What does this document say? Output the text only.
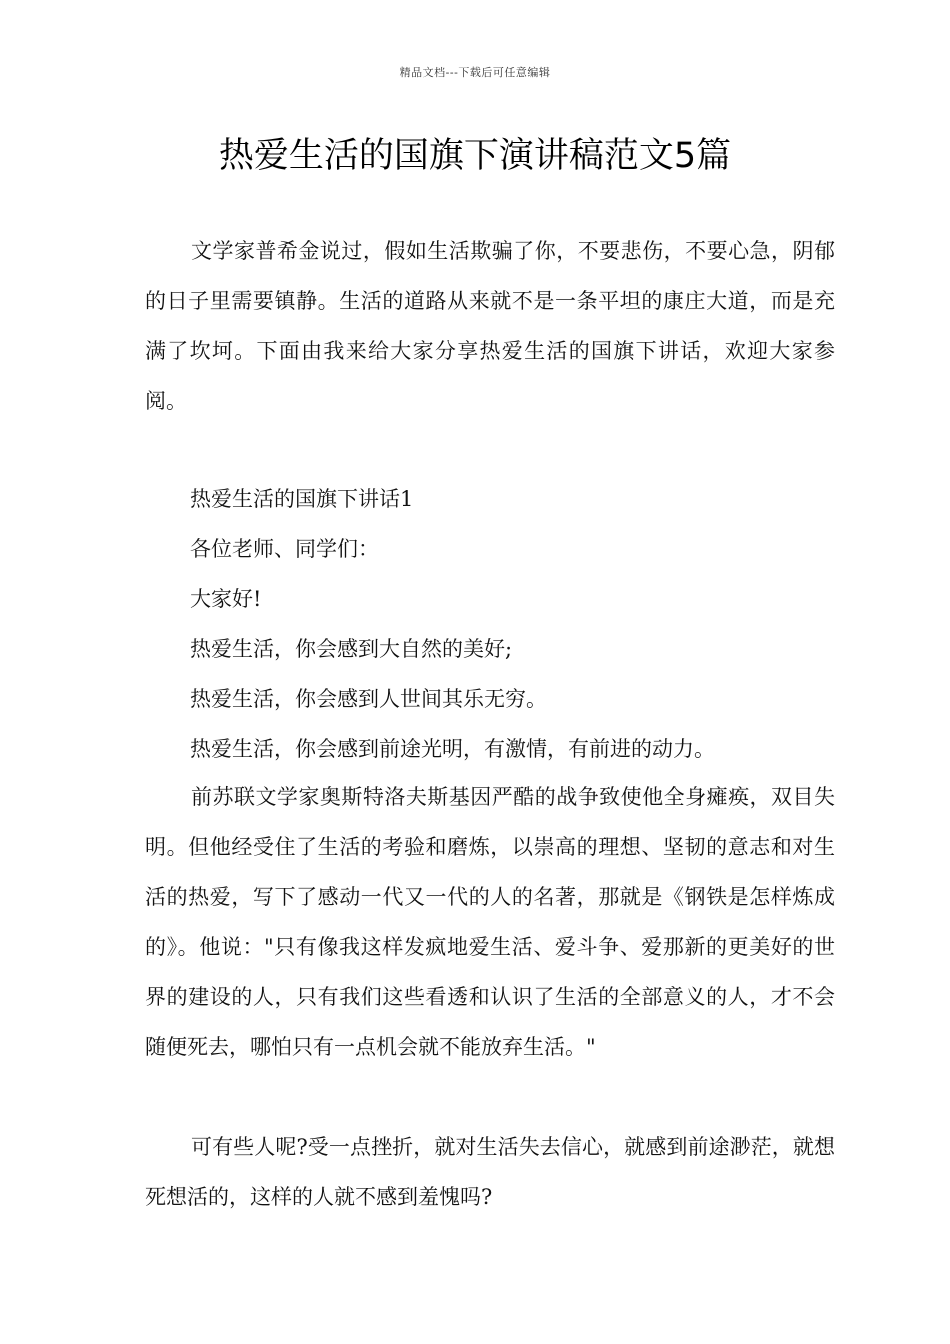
精品文档---下载后可任意编辑
热爱生活的国旗下演讲稿范文5篇

文学家普希金说过，假如生活欺骗了你，不要悲伤，不要心急，阴郁的日子里需要镇静。生活的道路从来就不是一条平坦的康庄大道，而是充满了坎坷。下面由我来给大家分享热爱生活的国旗下讲话，欢迎大家参阅。

热爱生活的国旗下讲话1

各位老师、同学们：

大家好!

热爱生活，你会感到大自然的美好;

热爱生活，你会感到人世间其乐无穷。

热爱生活，你会感到前途光明，有激情，有前进的动力。

前苏联文学家奥斯特洛夫斯基因严酷的战争致使他全身瘫痪，双目失明。但他经受住了生活的考验和磨炼，以崇高的理想、坚韧的意志和对生活的热爱，写下了感动一代又一代的人的名著，那就是《钢铁是怎样炼成的》。他说："只有像我这样发疯地爱生活、爱斗争、爱那新的更美好的世界的建设的人，只有我们这些看透和认识了生活的全部意义的人，才不会随便死去，哪怕只有一点机会就不能放弃生活。"

可有些人呢?受一点挫折，就对生活失去信心，就感到前途渺茫，就想死想活的，这样的人就不感到羞愧吗?
